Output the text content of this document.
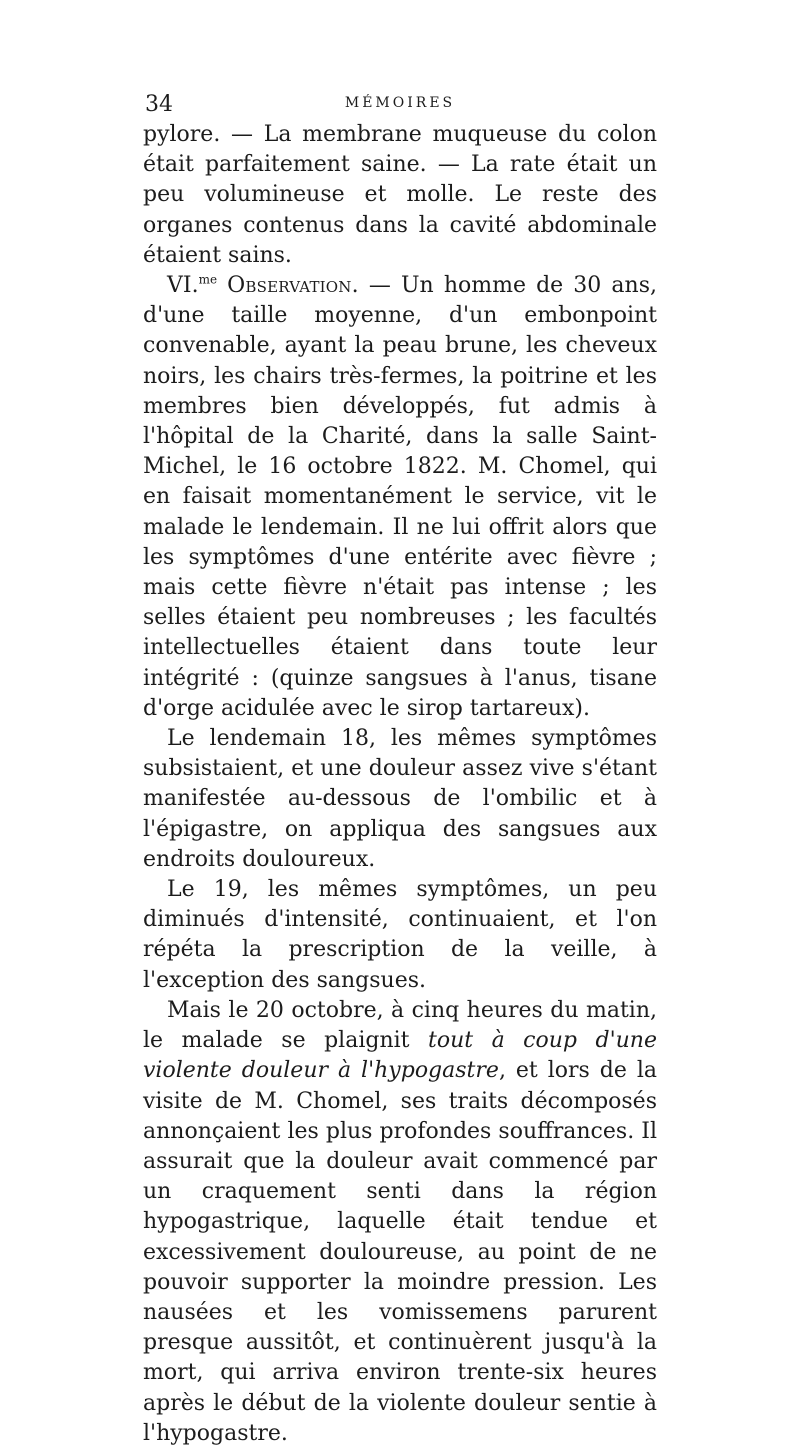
34	MÉMOIRES

pylore. — La membrane muqueuse du colon était parfaitement saine. — La rate était un peu volumineuse et molle. Le reste des organes contenus dans la cavité abdominale étaient sains.

VI.$^{me}$ Observation. — Un homme de 30 ans, d'une taille moyenne, d'un embonpoint convenable, ayant la peau brune, les cheveux noirs, les chairs très-fermes, la poitrine et les membres bien développés, fut admis à l'hôpital de la Charité, dans la salle Saint-Michel, le 16 octobre 1822. M. Chomel, qui en faisait momentanément le service, vit le malade le lendemain. Il ne lui offrit alors que les symptômes d'une entérite avec fièvre ; mais cette fièvre n'était pas intense ; les selles étaient peu nombreuses ; les facultés intellectuelles étaient dans toute leur intégrité : (quinze sangsues à l'anus, tisane d'orge acidulée avec le sirop tartareux).

Le lendemain 18, les mêmes symptômes subsistaient, et une douleur assez vive s'étant manifestée au-dessous de l'ombilic et à l'épigastre, on appliqua des sangsues aux endroits douloureux.

Le 19, les mêmes symptômes, un peu diminués d'intensité, continuaient, et l'on répéta la prescription de la veille, à l'exception des sangsues.

Mais le 20 octobre, à cinq heures du matin, le malade se plaignit tout à coup d'une violente douleur à l'hypogastre, et lors de la visite de M. Chomel, ses traits décomposés annonçaient les plus profondes souffrances. Il assurait que la douleur avait commencé par un craquement senti dans la région hypogastrique, laquelle était tendue et excessivement douloureuse, au point de ne pouvoir supporter la moindre pression. Les nausées et les vomissemens parurent presque aussitôt, et continuèrent jusqu'à la mort, qui arriva environ trente-six heures après le début de la violente douleur sentie à l'hypogastre.
